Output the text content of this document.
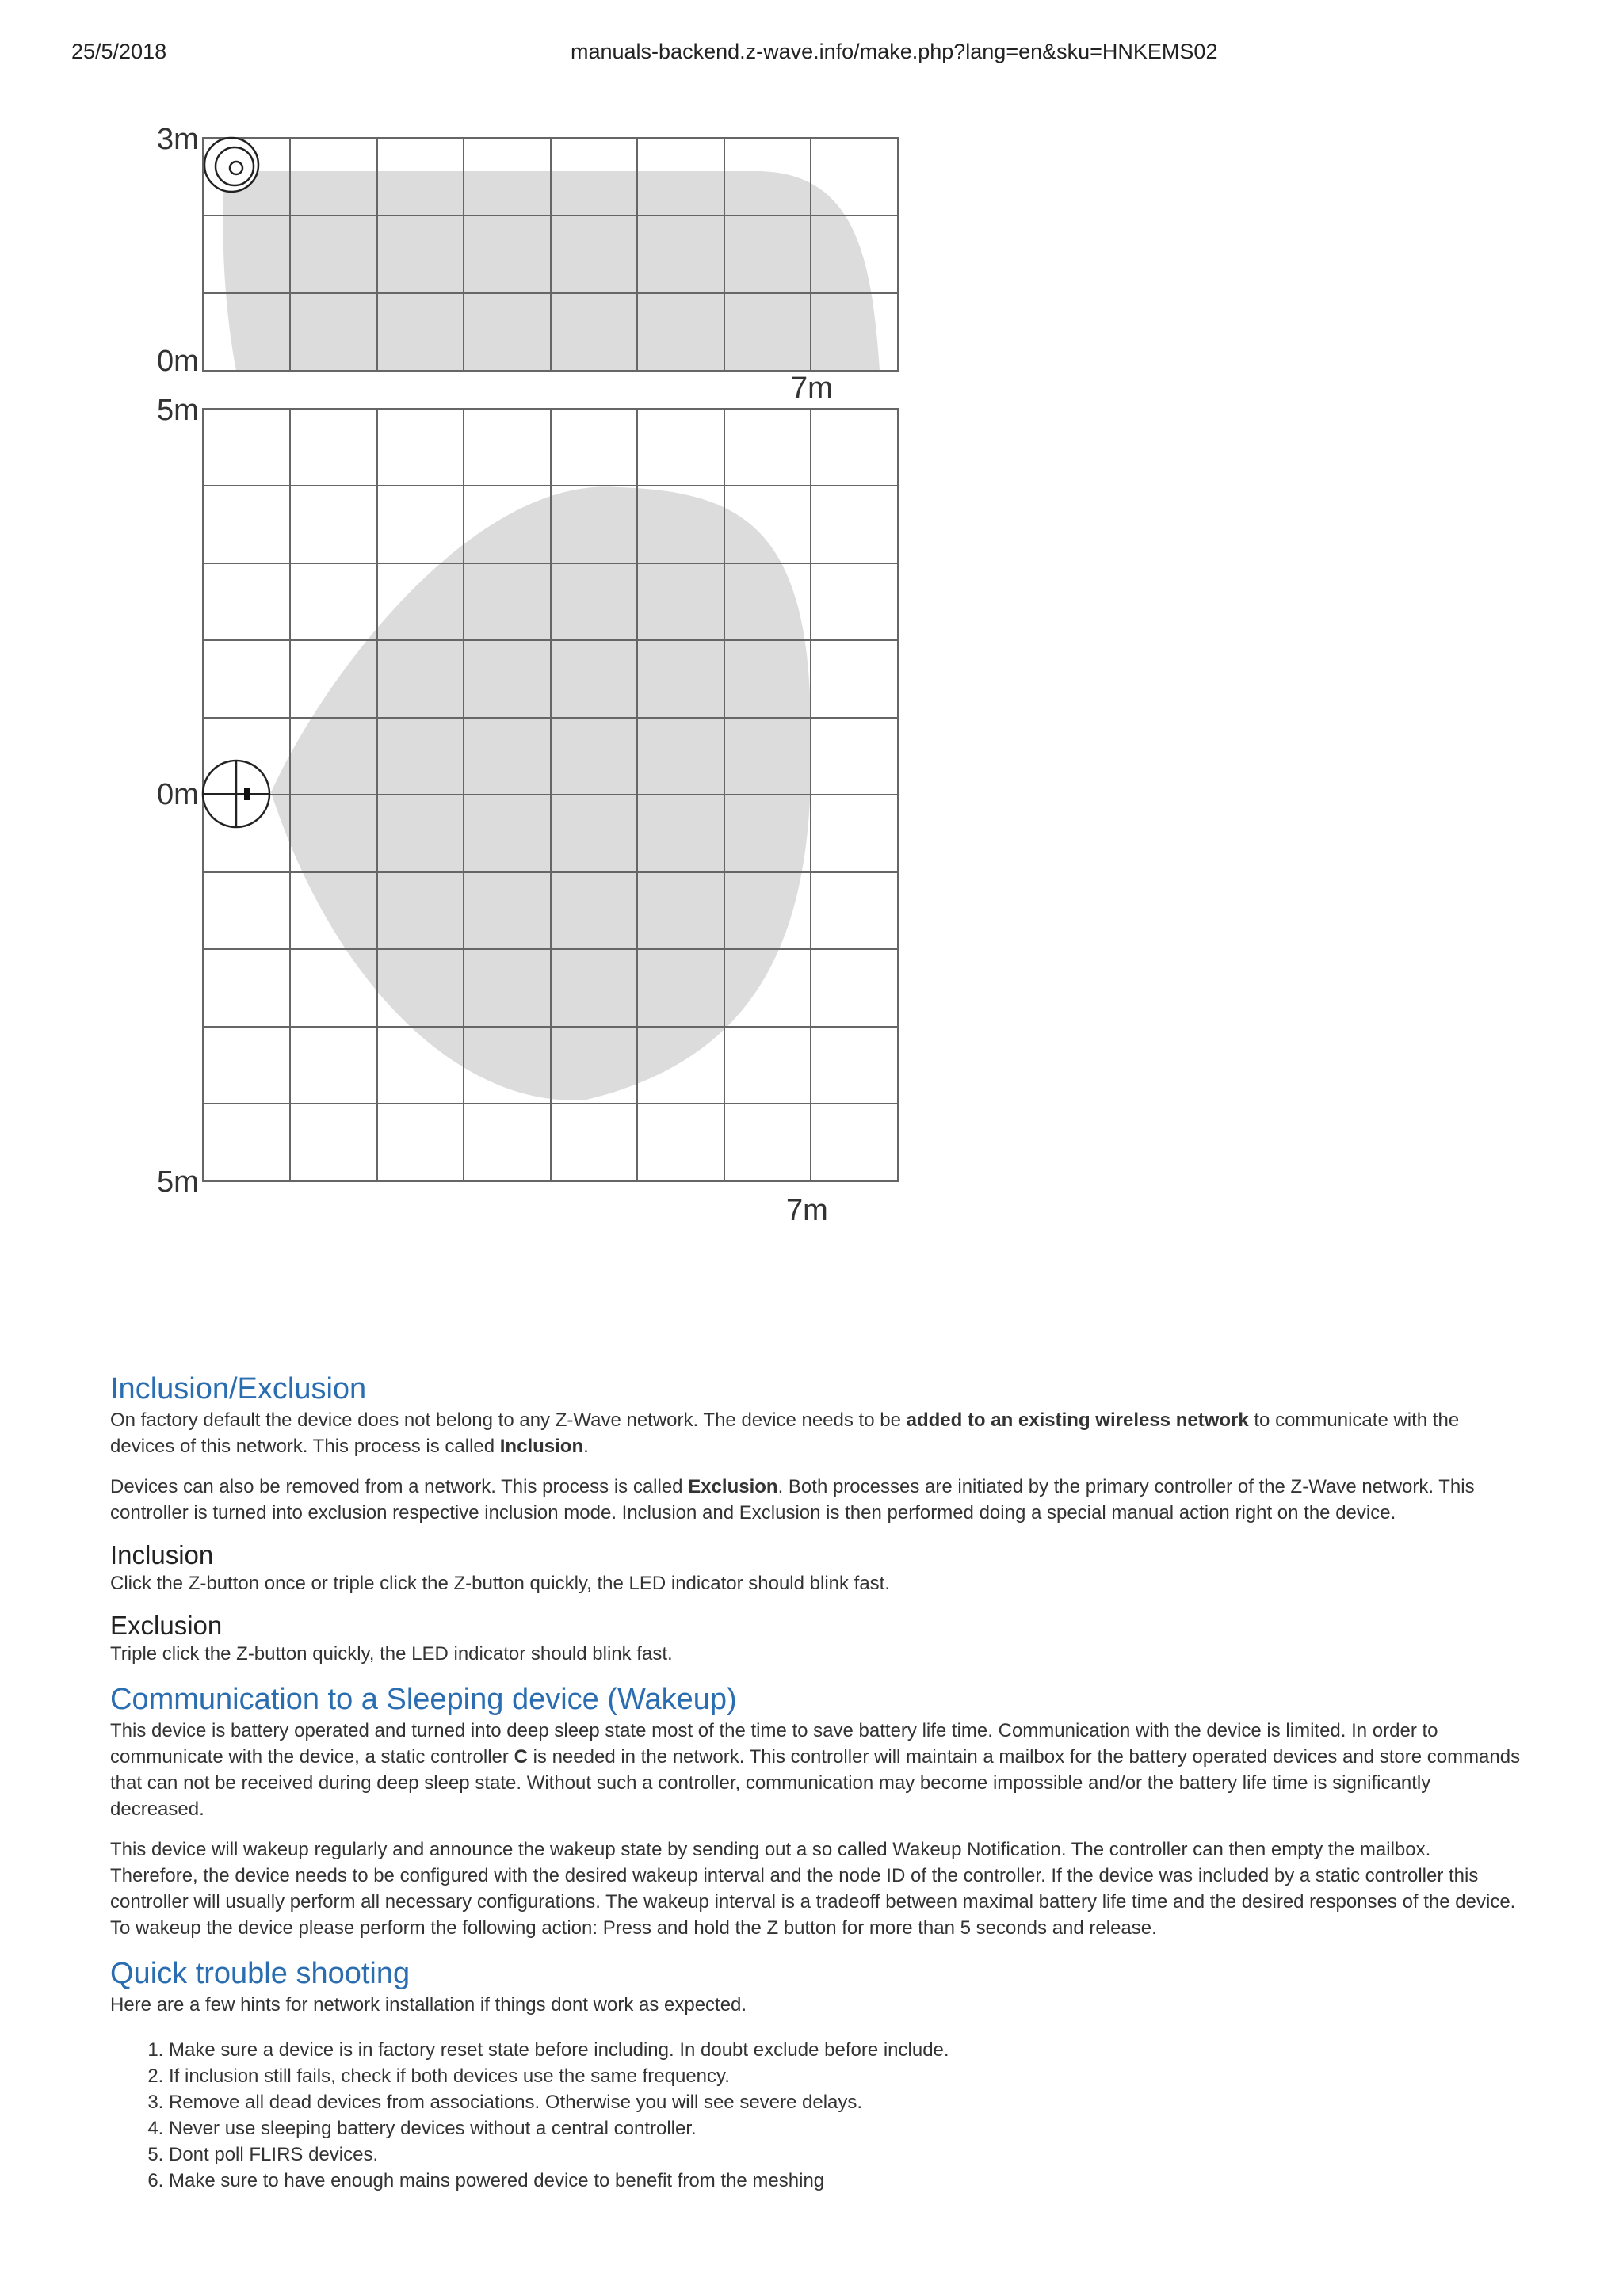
25/5/2018	manuals-backend.z-wave.info/make.php?lang=en&sku=HNKEMS02
3m
0m
7m
5m
0m
5m
7m
Inclusion/Exclusion

On factory default the device does not belong to any Z-Wave network. The device needs to be added to an existing wireless network to communicate with the devices of this network. This process is called Inclusion.

Devices can also be removed from a network. This process is called Exclusion. Both processes are initiated by the primary controller of the Z-Wave network. This controller is turned into exclusion respective inclusion mode. Inclusion and Exclusion is then performed doing a special manual action right on the device.

Inclusion

Click the Z-button once or triple click the Z-button quickly, the LED indicator should blink fast.

Exclusion

Triple click the Z-button quickly, the LED indicator should blink fast.

Communication to a Sleeping device (Wakeup)

This device is battery operated and turned into deep sleep state most of the time to save battery life time. Communication with the device is limited. In order to communicate with the device, a static controller C is needed in the network. This controller will maintain a mailbox for the battery operated devices and store commands that can not be received during deep sleep state. Without such a controller, communication may become impossible and/or the battery life time is significantly decreased.

This device will wakeup regularly and announce the wakeup state by sending out a so called Wakeup Notification. The controller can then empty the mailbox. Therefore, the device needs to be configured with the desired wakeup interval and the node ID of the controller. If the device was included by a static controller this controller will usually perform all necessary configurations. The wakeup interval is a tradeoff between maximal battery life time and the desired responses of the device. To wakeup the device please perform the following action: Press and hold the Z button for more than 5 seconds and release.

Quick trouble shooting

Here are a few hints for network installation if things dont work as expected.

1. Make sure a device is in factory reset state before including. In doubt exclude before include.
2. If inclusion still fails, check if both devices use the same frequency.
3. Remove all dead devices from associations. Otherwise you will see severe delays.
4. Never use sleeping battery devices without a central controller.
5. Dont poll FLIRS devices.
6. Make sure to have enough mains powered device to benefit from the meshing
